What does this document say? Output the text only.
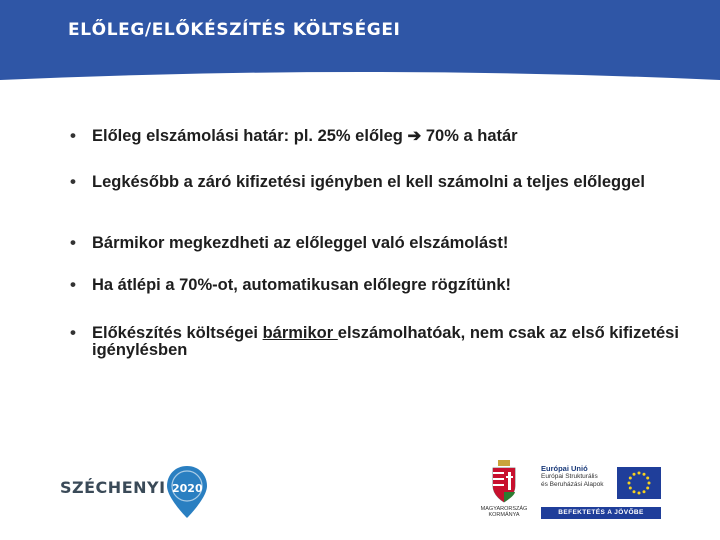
ELŐLEG/ELŐKÉSZÍTÉS KÖLTSÉGEI
• Előleg elszámolási határ: pl. 25% előleg ➔ 70% a határ
• Legkésőbb a záró kifizetési igényben el kell számolni a teljes előleggel
• Bármikor megkezdheti az előleggel való elszámolást!
• Ha átlépi a 70%-ot, automatikusan előlegre rögzítünk!
• Előkészítés költségei bármikor elszámolhatóak, nem csak az első kifizetési igénylésben
SZÉCHENYI 2020
MAGYARORSZÁG
KORMÁNYA
Európai Unió
Európai Strukturális
és Beruházási Alapok
BEFEKTETÉS A JÖVŐBE
